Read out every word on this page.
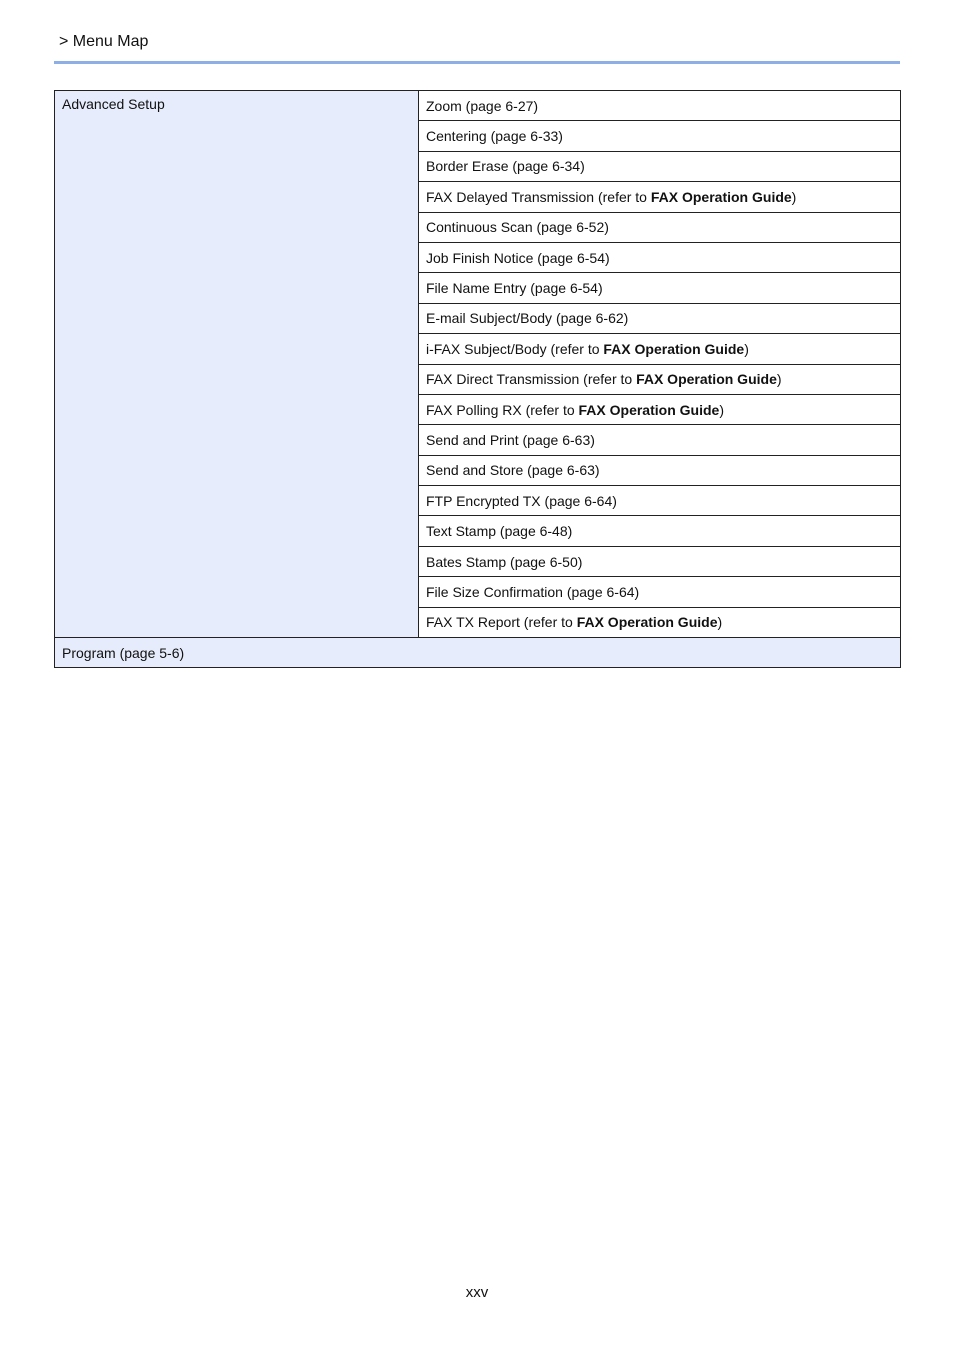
> Menu Map
Advanced Setup	Zoom (page 6-27)
Centering (page 6-33)
Border Erase (page 6-34)
FAX Delayed Transmission (refer to FAX Operation Guide)
Continuous Scan (page 6-52)
Job Finish Notice (page 6-54)
File Name Entry (page 6-54)
E-mail Subject/Body (page 6-62)
i-FAX Subject/Body (refer to FAX Operation Guide)
FAX Direct Transmission (refer to FAX Operation Guide)
FAX Polling RX (refer to FAX Operation Guide)
Send and Print (page 6-63)
Send and Store (page 6-63)
FTP Encrypted TX (page 6-64)
Text Stamp (page 6-48)
Bates Stamp (page 6-50)
File Size Confirmation (page 6-64)
FAX TX Report (refer to FAX Operation Guide)
Program (page 5-6)
xxv
